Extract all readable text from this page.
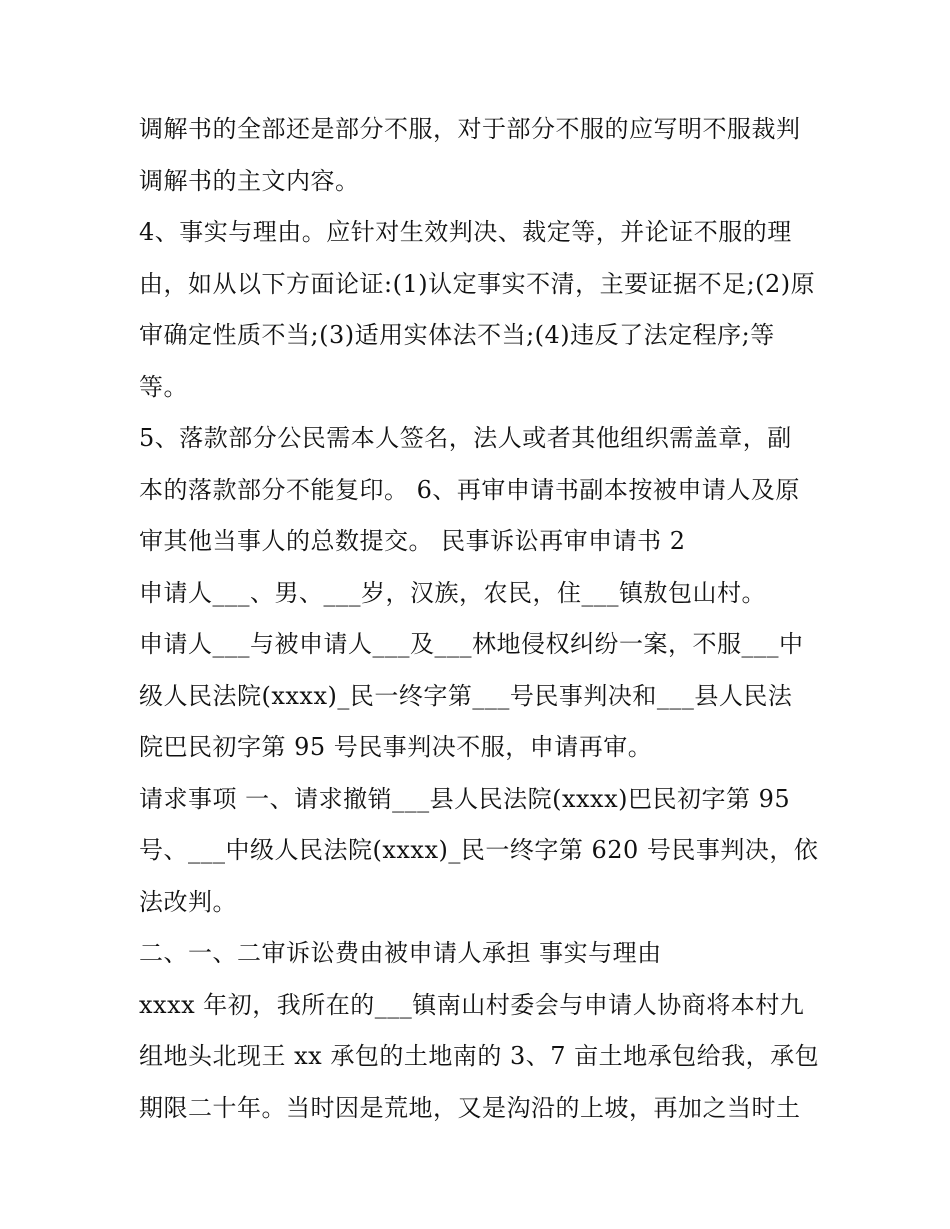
调解书的全部还是部分不服，对于部分不服的应写明不服裁判

调解书的主文内容。

4、事实与理由。应针对生效判决、裁定等，并论证不服的理

由，如从以下方面论证:(1)认定事实不清，主要证据不足;(2)原

审确定性质不当;(3)适用实体法不当;(4)违反了法定程序;等

等。

5、落款部分公民需本人签名，法人或者其他组织需盖章，副

本的落款部分不能复印。 6、再审申请书副本按被申请人及原

审其他当事人的总数提交。 民事诉讼再审申请书 2

申请人___、男、___岁，汉族，农民，住___镇敖包山村。

申请人___与被申请人___及___林地侵权纠纷一案，不服___中

级人民法院(xxxx)_民一终字第___号民事判决和___县人民法

院巴民初字第 95 号民事判决不服，申请再审。

请求事项 一、请求撤销___县人民法院(xxxx)巴民初字第 95

号、___中级人民法院(xxxx)_民一终字第 620 号民事判决，依

法改判。

二、一、二审诉讼费由被申请人承担 事实与理由

xxxx 年初，我所在的___镇南山村委会与申请人协商将本村九

组地头北现王 xx 承包的土地南的 3、7 亩土地承包给我，承包

期限二十年。当时因是荒地，又是沟沿的上坡，再加之当时土
